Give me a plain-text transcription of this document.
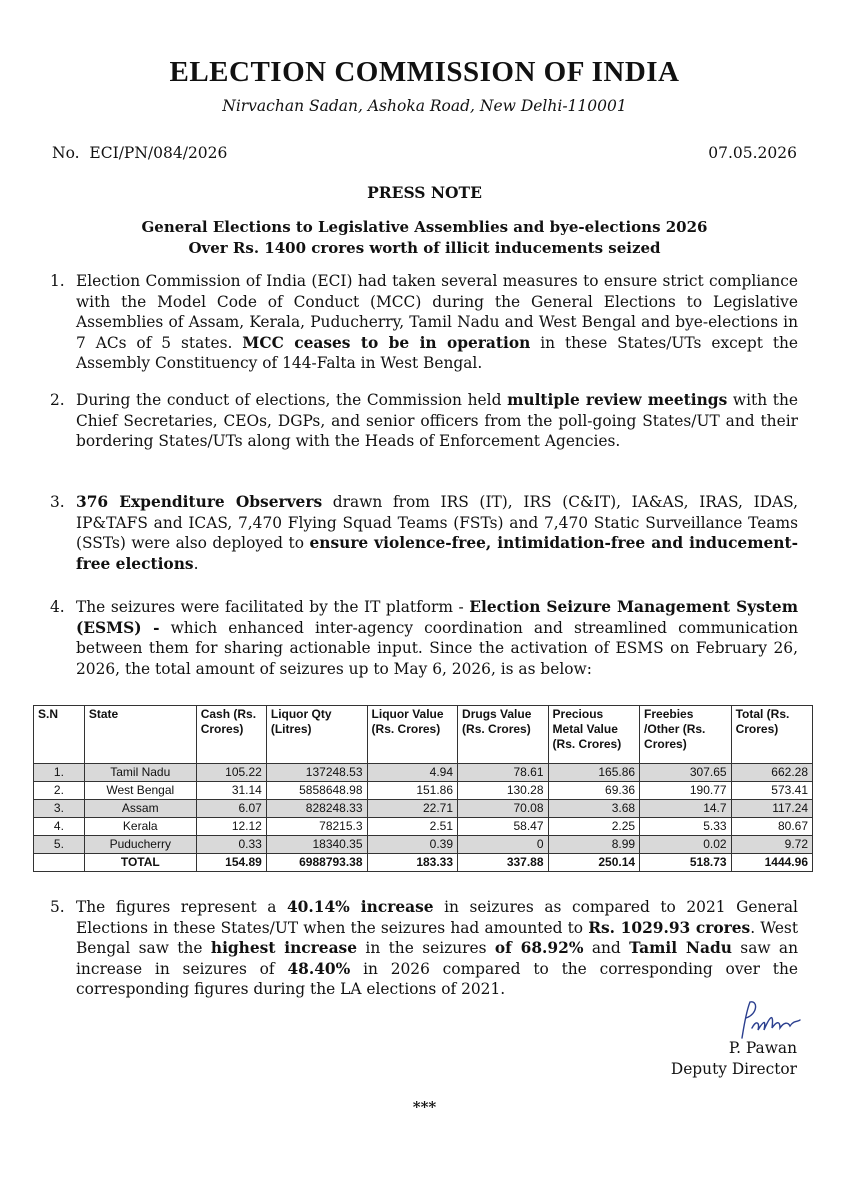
ELECTION COMMISSION OF INDIA
Nirvachan Sadan, Ashoka Road, New Delhi-110001
No.  ECI/PN/084/2026	07.05.2026
PRESS NOTE
General Elections to Legislative Assemblies and bye-elections 2026
Over Rs. 1400 crores worth of illicit inducements seized
1. Election Commission of India (ECI) had taken several measures to ensure strict compliance with the Model Code of Conduct (MCC) during the General Elections to Legislative Assemblies of Assam, Kerala, Puducherry, Tamil Nadu and West Bengal and bye-elections in 7 ACs of 5 states. MCC ceases to be in operation in these States/UTs except the Assembly Constituency of 144-Falta in West Bengal.
2. During the conduct of elections, the Commission held multiple review meetings with the Chief Secretaries, CEOs, DGPs, and senior officers from the poll-going States/UT and their bordering States/UTs along with the Heads of Enforcement Agencies.
3. 376 Expenditure Observers drawn from IRS (IT), IRS (C&IT), IA&AS, IRAS, IDAS, IP&TAFS and ICAS, 7,470 Flying Squad Teams (FSTs) and 7,470 Static Surveillance Teams (SSTs) were also deployed to ensure violence-free, intimidation-free and inducement-free elections.
4. The seizures were facilitated by the IT platform - Election Seizure Management System (ESMS) - which enhanced inter-agency coordination and streamlined communication between them for sharing actionable input. Since the activation of ESMS on February 26, 2026, the total amount of seizures up to May 6, 2026, is as below:
S.N	State	Cash (Rs. Crores)	Liquor Qty (Litres)	Liquor Value (Rs. Crores)	Drugs Value (Rs. Crores)	Precious Metal Value (Rs. Crores)	Freebies /Other (Rs. Crores)	Total (Rs. Crores)
1.	Tamil Nadu	105.22	137248.53	4.94	78.61	165.86	307.65	662.28
2.	West Bengal	31.14	5858648.98	151.86	130.28	69.36	190.77	573.41
3.	Assam	6.07	828248.33	22.71	70.08	3.68	14.7	117.24
4.	Kerala	12.12	78215.3	2.51	58.47	2.25	5.33	80.67
5.	Puducherry	0.33	18340.35	0.39	0	8.99	0.02	9.72
	TOTAL	154.89	6988793.38	183.33	337.88	250.14	518.73	1444.96
5. The figures represent a 40.14% increase in seizures as compared to 2021 General Elections in these States/UT when the seizures had amounted to Rs. 1029.93 crores. West Bengal saw the highest increase in the seizures of 68.92% and Tamil Nadu saw an increase in seizures of 48.40% in 2026 compared to the corresponding over the corresponding figures during the LA elections of 2021.
P. Pawan
Deputy Director
***
